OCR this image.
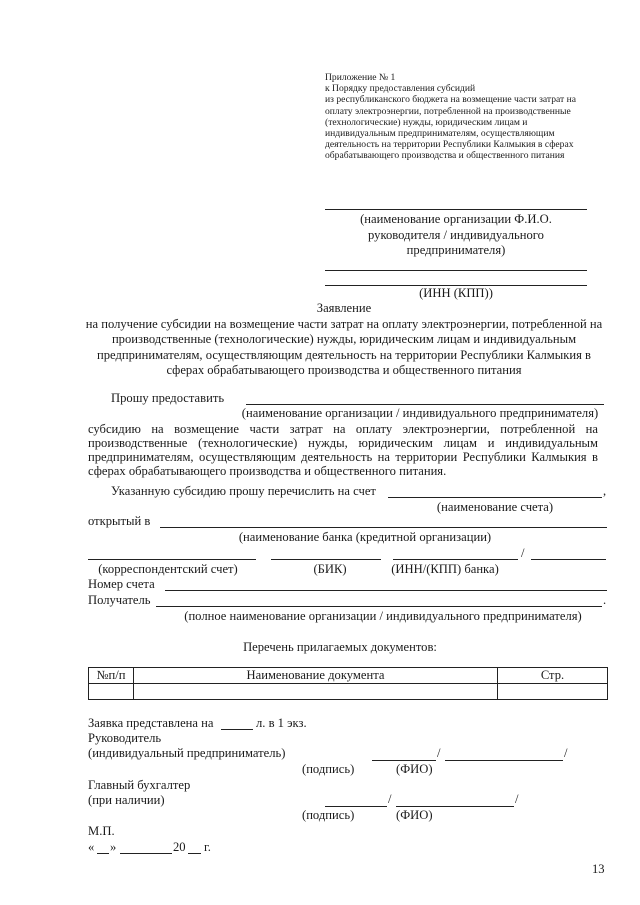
Приложение № 1
к Порядку предоставления субсидий
из республиканского бюджета на возмещение части затрат на оплату электроэнергии, потребленной на производственные (технологические) нужды, юридическим лицам и индивидуальным предпринимателям, осуществляющим деятельность на территории Республики Калмыкия в сферах обрабатывающего производства и общественного питания
(наименование организации Ф.И.О.
руководителя / индивидуального
предпринимателя)
(ИНН (КПП))
Заявление
на получение субсидии на возмещение части затрат на оплату электроэнергии, потребленной на производственные (технологические) нужды, юридическим лицам и индивидуальным предпринимателям, осуществляющим деятельность на территории Республики Калмыкия в сферах обрабатывающего производства и общественного питания
Прошу предоставить
(наименование организации / индивидуального предпринимателя)
субсидию на возмещение части затрат на оплату электроэнергии, потребленной на производственные (технологические) нужды, юридическим лицам и индивидуальным предпринимателям, осуществляющим деятельность на территории Республики Калмыкия в сферах обрабатывающего производства и общественного питания.
Указанную субсидию прошу перечислить на счет	,
(наименование счета)
открытый в
(наименование банка (кредитной организации)
/
(корреспондентский счет)	(БИК)	(ИНН/(КПП) банка)
Номер счета
Получатель	.
(полное наименование организации / индивидуального предпринимателя)
Перечень прилагаемых документов:
№п/п	Наименование документа	Стр.

Заявка представлена на	л. в 1 экз.
Руководитель
(индивидуальный предприниматель)	/	/
(подпись)	(ФИО)
Главный бухгалтер
(при наличии)	/	/
(подпись)	(ФИО)
М.П.
« »	20 г.
13
